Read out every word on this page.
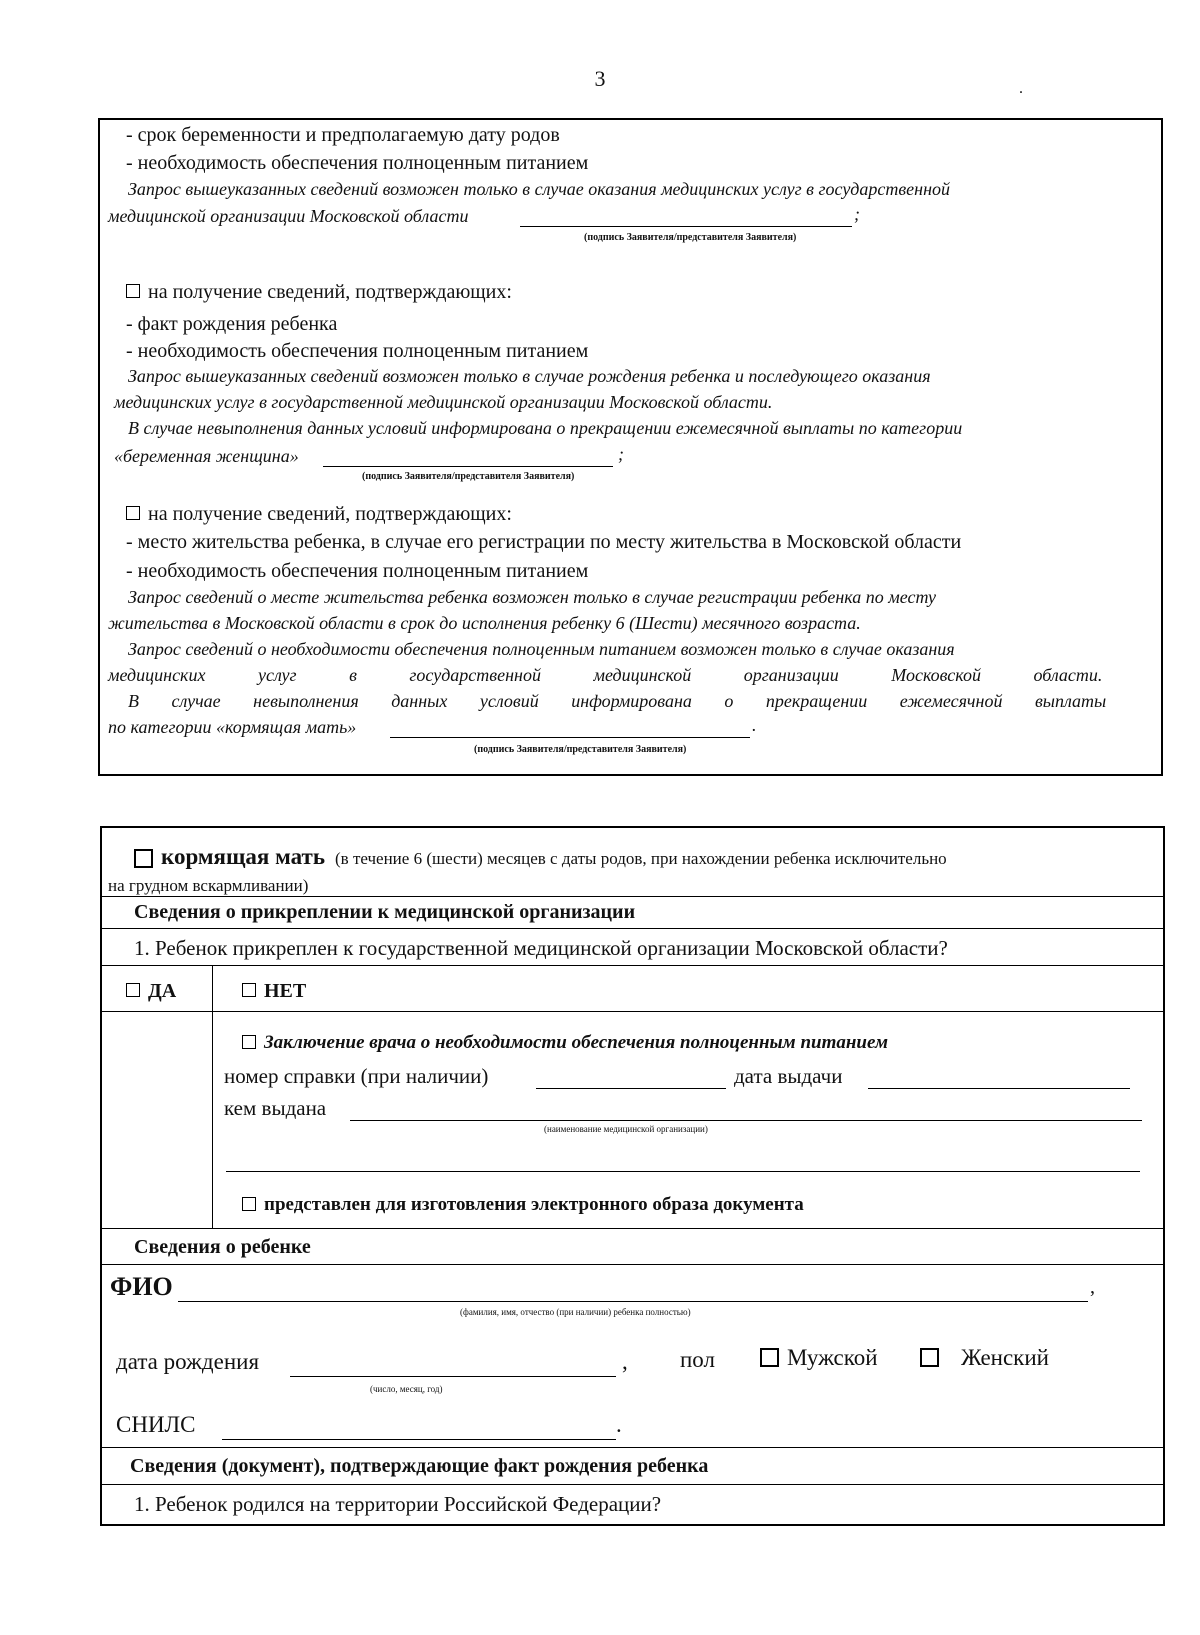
3	.
- срок беременности и предполагаемую дату родов
- необходимость обеспечения полноценным питанием
Запрос вышеуказанных сведений возможен только в случае оказания медицинских услуг в государственной
медицинской организации Московской области	;
(подпись Заявителя/представителя Заявителя)
на получение сведений, подтверждающих:
- факт рождения ребенка
- необходимость обеспечения полноценным питанием
Запрос вышеуказанных сведений возможен только в случае рождения ребенка и последующего оказания
медицинских услуг в государственной медицинской организации Московской области.
В случае невыполнения данных условий информирована о прекращении ежемесячной выплаты по категории
«беременная женщина»	;
(подпись Заявителя/представителя Заявителя)
на получение сведений, подтверждающих:
- место жительства ребенка, в случае его регистрации по месту жительства в Московской области
- необходимость обеспечения полноценным питанием
Запрос сведений о месте жительства ребенка возможен только в случае регистрации ребенка по месту
жительства в Московской области в срок до исполнения ребенку 6 (Шести) месячного возраста.
Запрос сведений о необходимости обеспечения полноценным питанием возможен только в случае оказания
медицинских услуг в государственной медицинской организации Московской области.
В случае невыполнения данных условий информирована о прекращении ежемесячной выплаты
по категории «кормящая мать»	.
(подпись Заявителя/представителя Заявителя)
кормящая мать (в течение 6 (шести) месяцев с даты родов, при нахождении ребенка исключительно
на грудном вскармливании)
Сведения о прикреплении к медицинской организации
1. Ребенок прикреплен к государственной медицинской организации Московской области?
ДА	НЕТ
Заключение врача о необходимости обеспечения полноценным питанием
номер справки (при наличии)	дата выдачи
кем выдана
(наименование медицинской организации)
представлен для изготовления электронного образа документа
Сведения о ребенке
ФИО	,
(фамилия, имя, отчество (при наличии) ребенка полностью)
дата рождения	,
(число, месяц, год)
пол	Мужской	Женский
СНИЛС	.
Сведения (документ), подтверждающие факт рождения ребенка
1. Ребенок родился на территории Российской Федерации?
